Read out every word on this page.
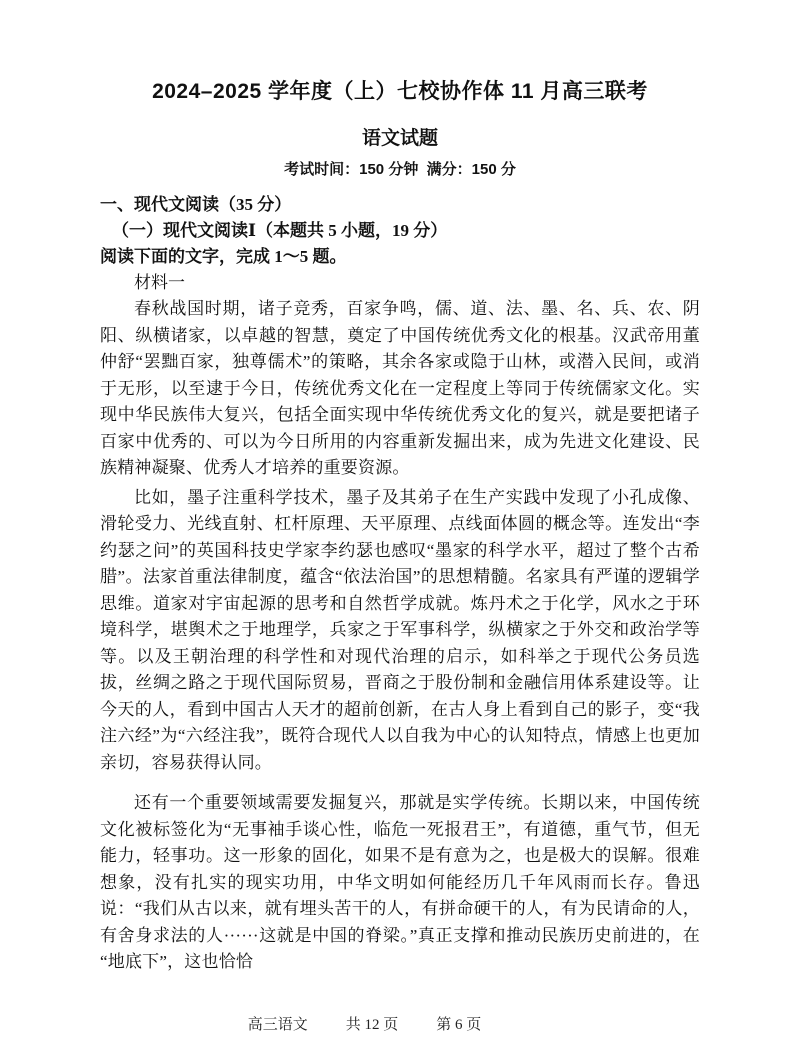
2024–2025 学年度（上）七校协作体 11 月高三联考
语文试题
考试时间：150 分钟  满分：150 分
一、现代文阅读（35 分）
（一）现代文阅读Ⅰ（本题共 5 小题，19 分）
阅读下面的文字，完成 1～5 题。
材料一

春秋战国时期，诸子竞秀，百家争鸣，儒、道、法、墨、名、兵、农、阴阳、纵横诸家，以卓越的智慧，奠定了中国传统优秀文化的根基。汉武帝用董仲舒“罢黜百家，独尊儒术”的策略，其余各家或隐于山林，或潜入民间，或消于无形，以至逮于今日，传统优秀文化在一定程度上等同于传统儒家文化。实现中华民族伟大复兴，包括全面实现中华传统优秀文化的复兴，就是要把诸子百家中优秀的、可以为今日所用的内容重新发掘出来，成为先进文化建设、民族精神凝聚、优秀人才培养的重要资源。

比如，墨子注重科学技术，墨子及其弟子在生产实践中发现了小孔成像、滑轮受力、光线直射、杠杆原理、天平原理、点线面体圆的概念等。连发出“李约瑟之问”的英国科技史学家李约瑟也感叹“墨家的科学水平，超过了整个古希腊”。法家首重法律制度，蕴含“依法治国”的思想精髓。名家具有严谨的逻辑学思维。道家对宇宙起源的思考和自然哲学成就。炼丹术之于化学，风水之于环境科学，堪舆术之于地理学，兵家之于军事科学，纵横家之于外交和政治学等等。以及王朝治理的科学性和对现代治理的启示，如科举之于现代公务员选拔，丝绸之路之于现代国际贸易，晋商之于股份制和金融信用体系建设等。让今天的人，看到中国古人天才的超前创新，在古人身上看到自己的影子，变“我注六经”为“六经注我”，既符合现代人以自我为中心的认知特点，情感上也更加亲切，容易获得认同。

还有一个重要领域需要发掘复兴，那就是实学传统。长期以来，中国传统文化被标签化为“无事袖手谈心性，临危一死报君王”，有道德，重气节，但无能力，轻事功。这一形象的固化，如果不是有意为之，也是极大的误解。很难想象，没有扎实的现实功用，中华文明如何能经历几千年风雨而长存。鲁迅说：“我们从古以来，就有埋头苦干的人，有拼命硬干的人，有为民请命的人，有舍身求法的人······这就是中国的脊梁。”真正支撑和推动民族历史前进的，在“地底下”，这也恰恰

高三语文	共 12 页	第 6 页
